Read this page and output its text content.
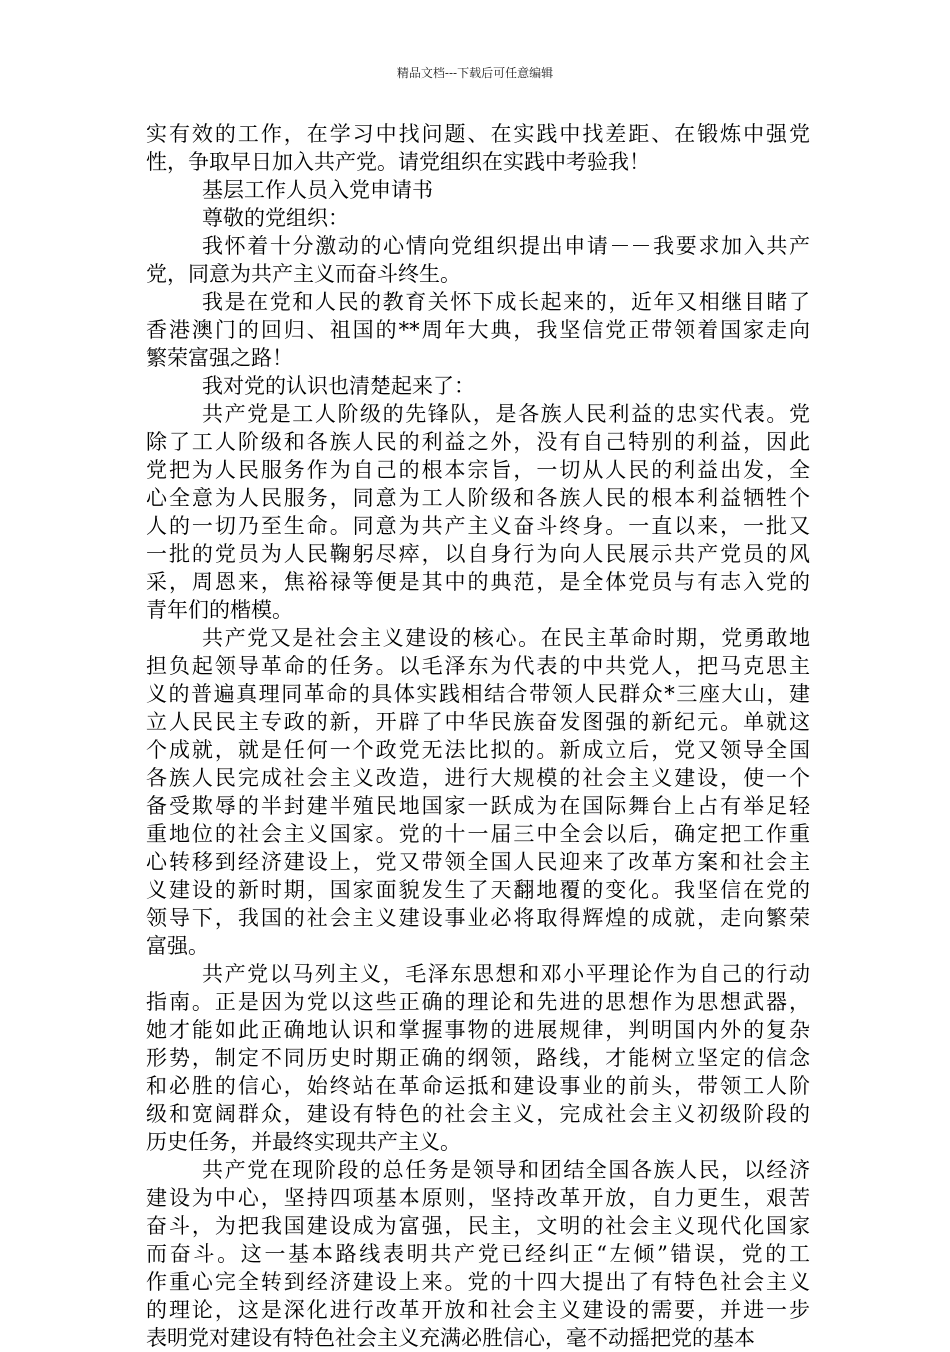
精品文档---下载后可任意编辑
实有效的工作，在学习中找问题、在实践中找差距、在锻炼中强党
性，争取早日加入共产党。请党组织在实践中考验我！
基层工作人员入党申请书
尊敬的党组织：
我怀着十分激动的心情向党组织提出申请－－我要求加入共产
党，同意为共产主义而奋斗终生。
我是在党和人民的教育关怀下成长起来的，近年又相继目睹了
香港澳门的回归、祖国的**周年大典，我坚信党正带领着国家走向
繁荣富强之路！
我对党的认识也清楚起来了：
共产党是工人阶级的先锋队，是各族人民利益的忠实代表。党
除了工人阶级和各族人民的利益之外，没有自己特别的利益，因此
党把为人民服务作为自己的根本宗旨，一切从人民的利益出发，全
心全意为人民服务，同意为工人阶级和各族人民的根本利益牺牲个
人的一切乃至生命。同意为共产主义奋斗终身。一直以来，一批又
一批的党员为人民鞠躬尽瘁，以自身行为向人民展示共产党员的风
采，周恩来，焦裕禄等便是其中的典范，是全体党员与有志入党的
青年们的楷模。
共产党又是社会主义建设的核心。在民主革命时期，党勇敢地
担负起领导革命的任务。以毛泽东为代表的中共党人，把马克思主
义的普遍真理同革命的具体实践相结合带领人民群众*三座大山，建
立人民民主专政的新，开辟了中华民族奋发图强的新纪元。单就这
个成就，就是任何一个政党无法比拟的。新成立后，党又领导全国
各族人民完成社会主义改造，进行大规模的社会主义建设，使一个
备受欺辱的半封建半殖民地国家一跃成为在国际舞台上占有举足轻
重地位的社会主义国家。党的十一届三中全会以后，确定把工作重
心转移到经济建设上，党又带领全国人民迎来了改革方案和社会主
义建设的新时期，国家面貌发生了天翻地覆的变化。我坚信在党的
领导下，我国的社会主义建设事业必将取得辉煌的成就，走向繁荣
富强。
共产党以马列主义，毛泽东思想和邓小平理论作为自己的行动
指南。正是因为党以这些正确的理论和先进的思想作为思想武器，
她才能如此正确地认识和掌握事物的进展规律，判明国内外的复杂
形势，制定不同历史时期正确的纲领，路线，才能树立坚定的信念
和必胜的信心，始终站在革命运抵和建设事业的前头，带领工人阶
级和宽阔群众，建设有特色的社会主义，完成社会主义初级阶段的
历史任务，并最终实现共产主义。
共产党在现阶段的总任务是领导和团结全国各族人民，以经济
建设为中心，坚持四项基本原则，坚持改革开放，自力更生，艰苦
奋斗，为把我国建设成为富强，民主，文明的社会主义现代化国家
而奋斗。这一基本路线表明共产党已经纠正“左倾”错误，党的工
作重心完全转到经济建设上来。党的十四大提出了有特色社会主义
的理论，这是深化进行改革开放和社会主义建设的需要，并进一步
表明党对建设有特色社会主义充满必胜信心，毫不动摇把党的基本
